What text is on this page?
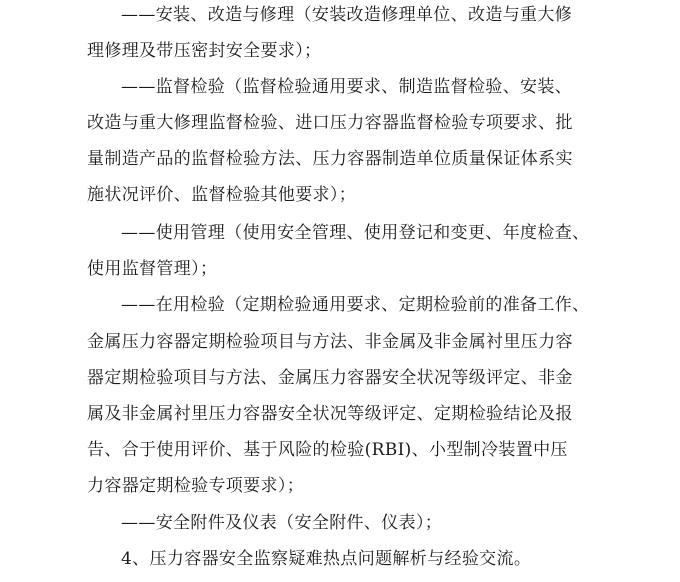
——安装、改造与修理（安装改造修理单位、改造与重大修
理修理及带压密封安全要求）；
——监督检验（监督检验通用要求、制造监督检验、安装、
改造与重大修理监督检验、进口压力容器监督检验专项要求、批
量制造产品的监督检验方法、压力容器制造单位质量保证体系实
施状况评价、监督检验其他要求）；
——使用管理（使用安全管理、使用登记和变更、年度检查、
使用监督管理）；
——在用检验（定期检验通用要求、定期检验前的准备工作、
金属压力容器定期检验项目与方法、非金属及非金属衬里压力容
器定期检验项目与方法、金属压力容器安全状况等级评定、非金
属及非金属衬里压力容器安全状况等级评定、定期检验结论及报
告、合于使用评价、基于风险的检验(RBI)、小型制冷装置中压
力容器定期检验专项要求）；
——安全附件及仪表（安全附件、仪表）；
4、压力容器安全监察疑难热点问题解析与经验交流。
